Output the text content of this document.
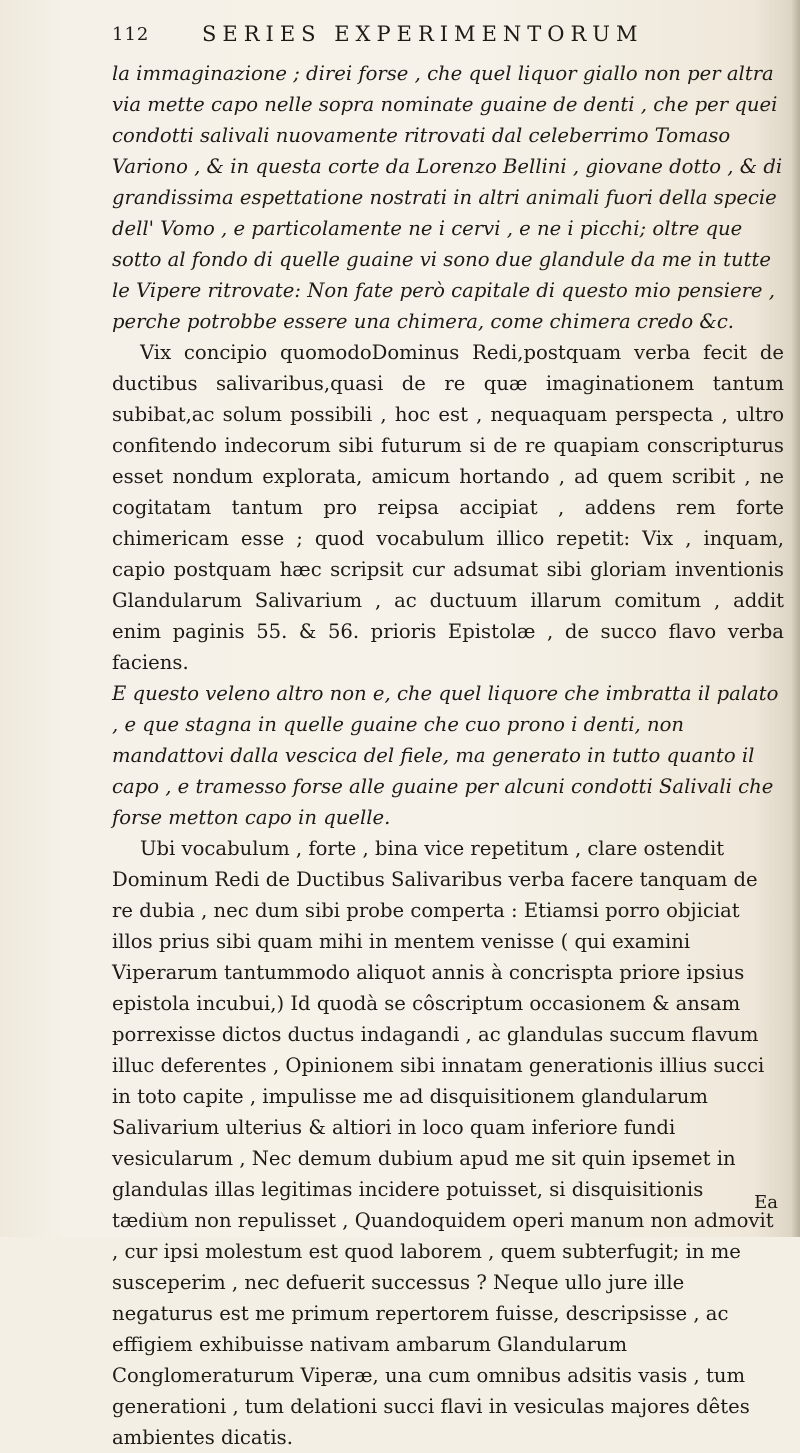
112	SERIES EXPERIMENTORUM

la immaginazione ; direi forse , che quel liquor giallo non per altra via mette capo nelle sopra nominate guaine de denti , che per quei condotti salivali nuovamente ritrovati dal celeberrimo Tomaso Variono , & in questa corte da Lorenzo Bellini , giovane dotto , & di grandissima espettatione nostrati in altri animali fuori della specie dell' Vomo , e particolamente ne i cervi , e ne i picchi; oltre que sotto al fondo di quelle guaine vi sono due glandule da me in tutte le Vipere ritrovate: Non fate però capitale di questo mio pensiere , perche potrobbe essere una chimera, come chimera credo &c.

Vix concipio quomodoDominus Redi,postquam verba fecit de ductibus salivaribus,quasi de re quæ imaginationem tantum subibat,ac solum possibili , hoc est , nequaquam perspecta , ultro confitendo indecorum sibi futurum si de re quapiam conscripturus esset nondum explorata, amicum hortando , ad quem scribit , ne cogitatam tantum pro reipsa accipiat , addens rem forte chimericam esse ; quod vocabulum illico repetit: Vix , inquam, capio postquam hæc scripsit cur adsumat sibi gloriam inventionis Glandularum Salivarium , ac ductuum illarum comitum , addit enim paginis 55. & 56. prioris Epistolæ , de succo flavo verba faciens.

E questo veleno altro non e, che quel liquore che imbratta il palato , e que stagna in quelle guaine che cuo prono i denti, non mandattovi dalla vescica del fiele, ma generato in tutto quanto il capo , e tramesso forse alle guaine per alcuni condotti Salivali che forse metton capo in quelle.

Ubi vocabulum , forte , bina vice repetitum , clare ostendit Dominum Redi de Ductibus Salivaribus verba facere tanquam de re dubia , nec dum sibi probe comperta : Etiamsi porro objiciat illos prius sibi quam mihi in mentem venisse ( qui examini Viperarum tantummodo aliquot annis à concrispta priore ipsius epistola incubui,) Id quodà se côscriptum occasionem & ansam porrexisse dictos ductus indagandi , ac glandulas succum flavum illuc deferentes , Opinionem sibi innatam generationis illius succi in toto capite , impulisse me ad disquisitionem glandularum Salivarium ulterius & altiori in loco quam inferiore fundi vesicularum , Nec demum dubium apud me sit quin ipsemet in glandulas illas legitimas incidere potuisset, si disquisitionis tædium non repulisset , Quandoquidem operi manum non admovit , cur ipsi molestum est quod laborem , quem subterfugit; in me susceperim , nec defuerit successus ? Neque ullo jure ille negaturus est me primum repertorem fuisse, descripsisse , ac effigiem exhibuisse nativam ambarum Glandularum Conglomeraturum Viperæ, una cum omnibus adsitis vasis , tum generationi , tum delationi succi flavi in vesiculas majores dêtes ambientes dicatis.

Ea
